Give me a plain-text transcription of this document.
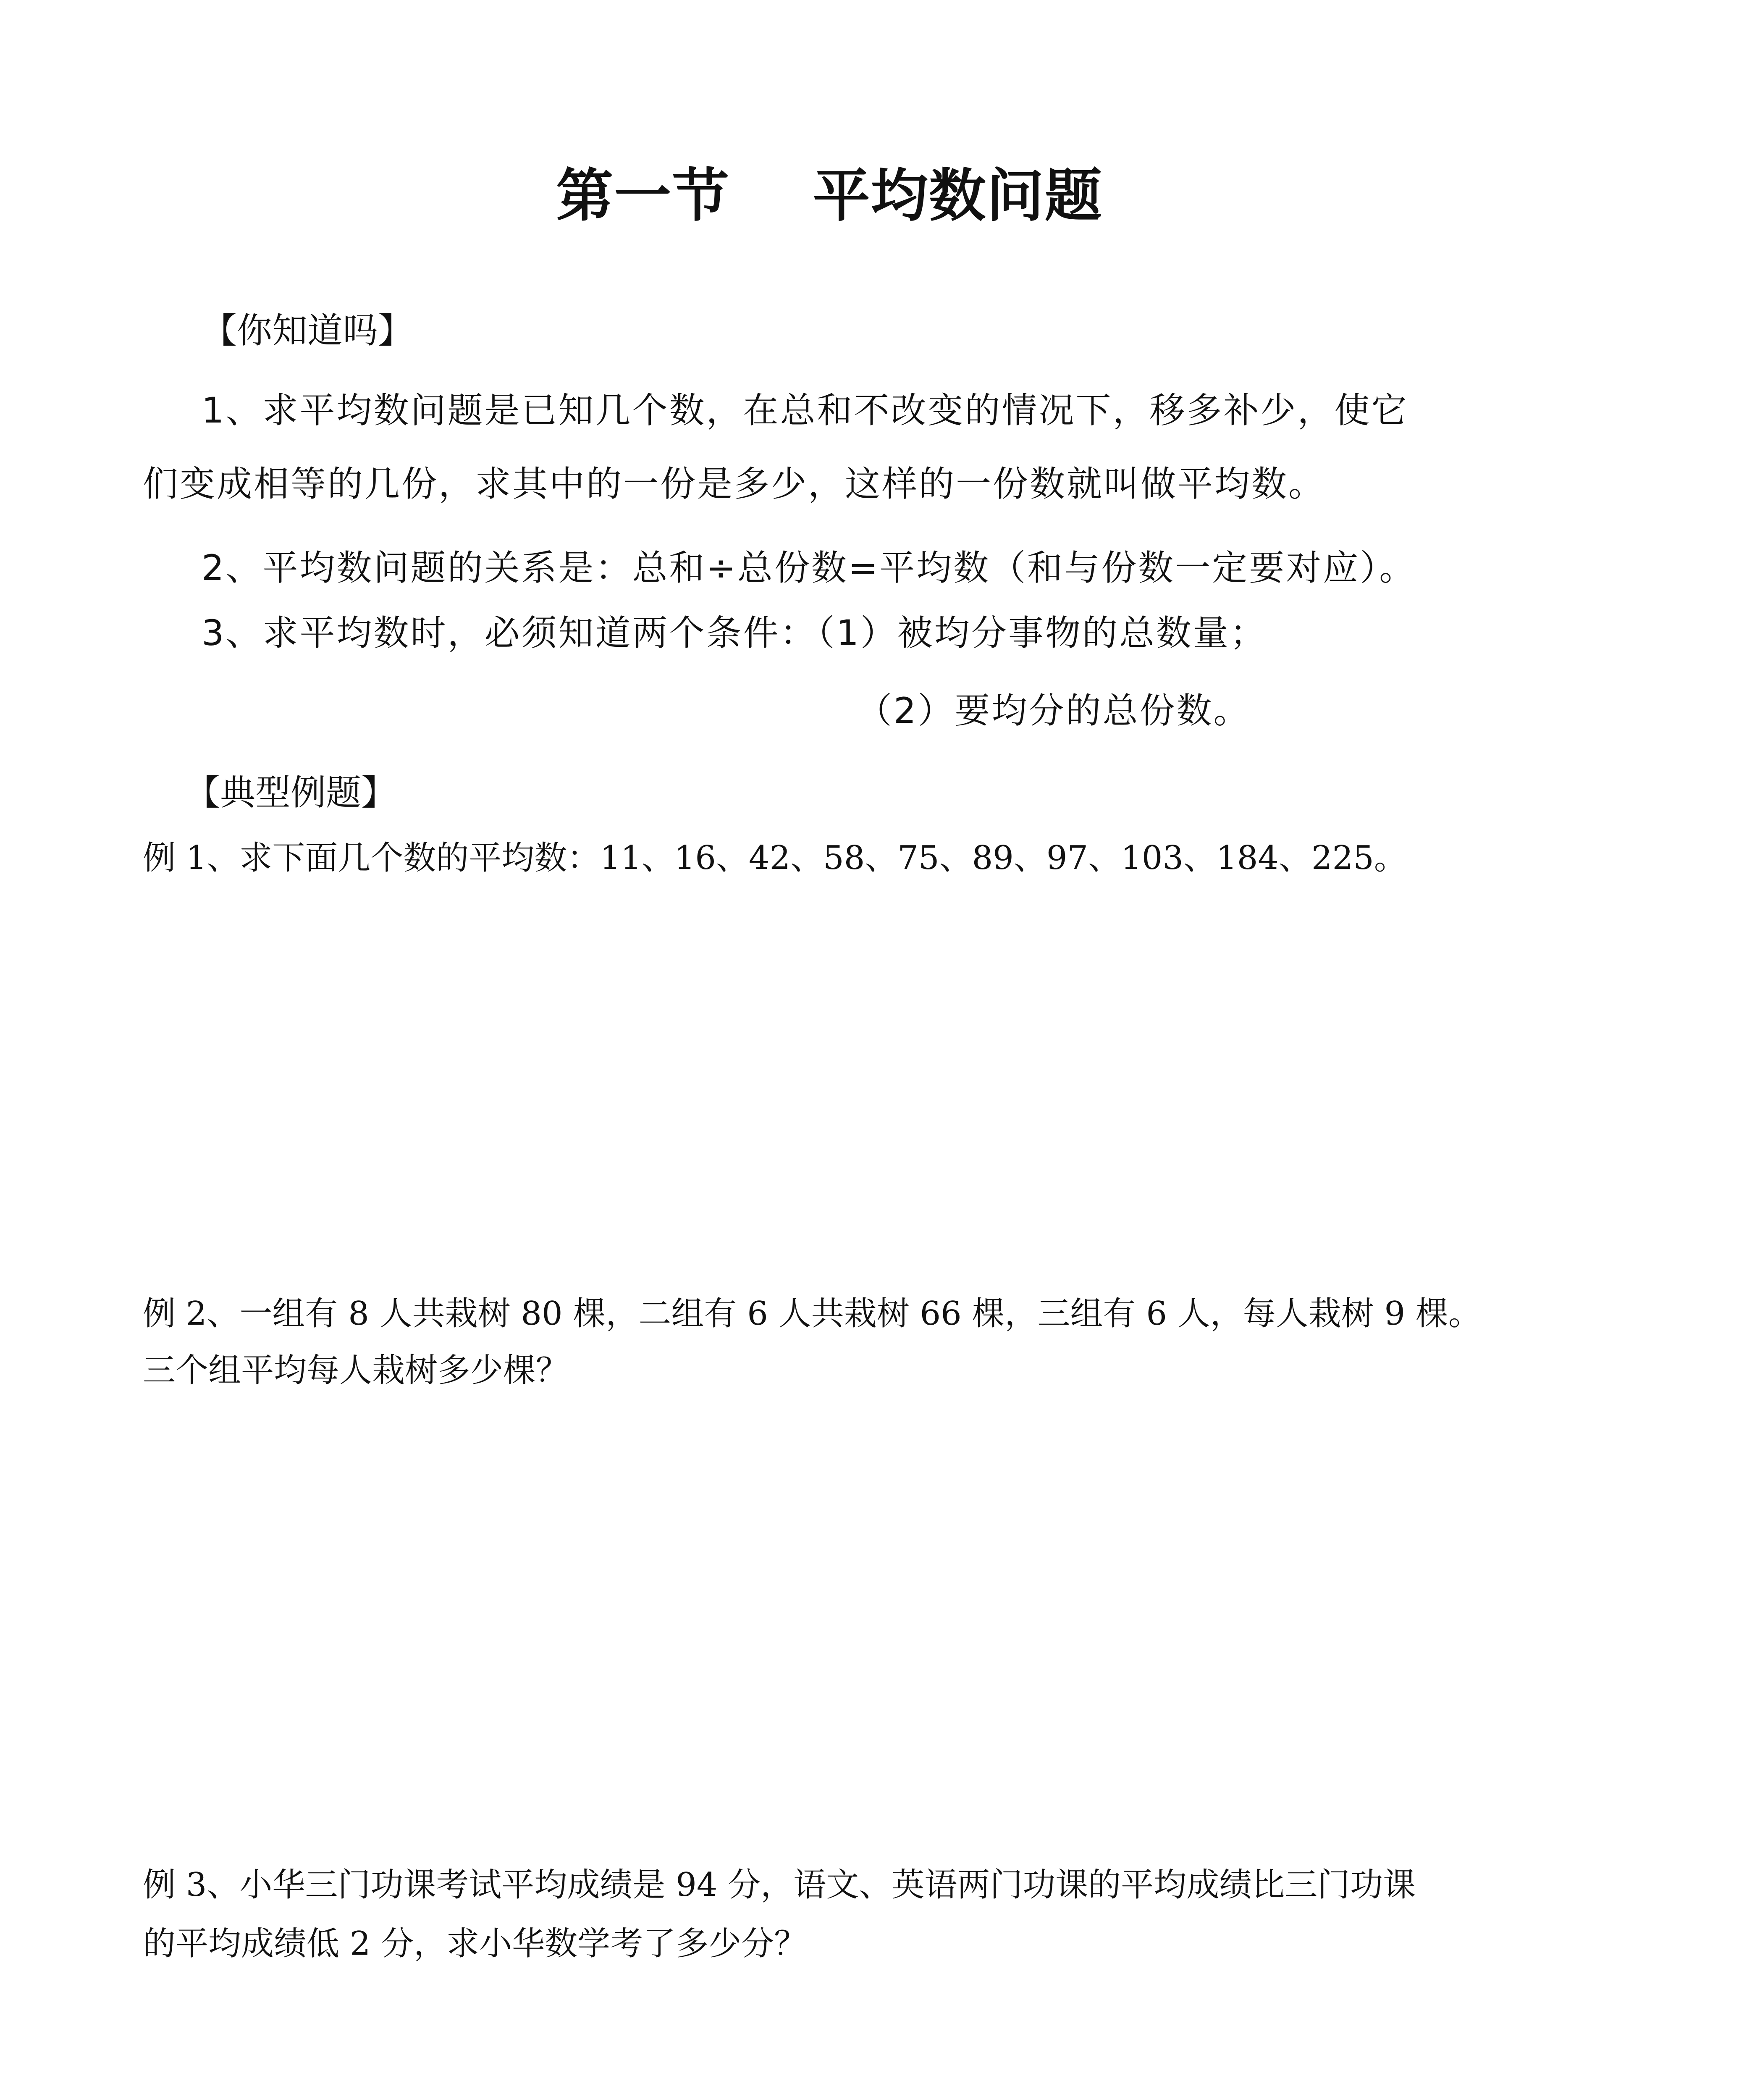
第一节    平均数问题
【你知道吗】
1、求平均数问题是已知几个数，在总和不改变的情况下，移多补少，使它
们变成相等的几份，求其中的一份是多少，这样的一份数就叫做平均数。
2、平均数问题的关系是：总和÷总份数=平均数（和与份数一定要对应）。
3、求平均数时，必须知道两个条件：（1）被均分事物的总数量；
（2）要均分的总份数。
【典型例题】
例 1、求下面几个数的平均数：11、16、42、58、75、89、97、103、184、225。
例 2、一组有 8 人共栽树 80 棵，二组有 6 人共栽树 66 棵，三组有 6 人，每人栽树 9 棵。
三个组平均每人栽树多少棵？
例 3、小华三门功课考试平均成绩是 94 分，语文、英语两门功课的平均成绩比三门功课
的平均成绩低 2 分，求小华数学考了多少分？
